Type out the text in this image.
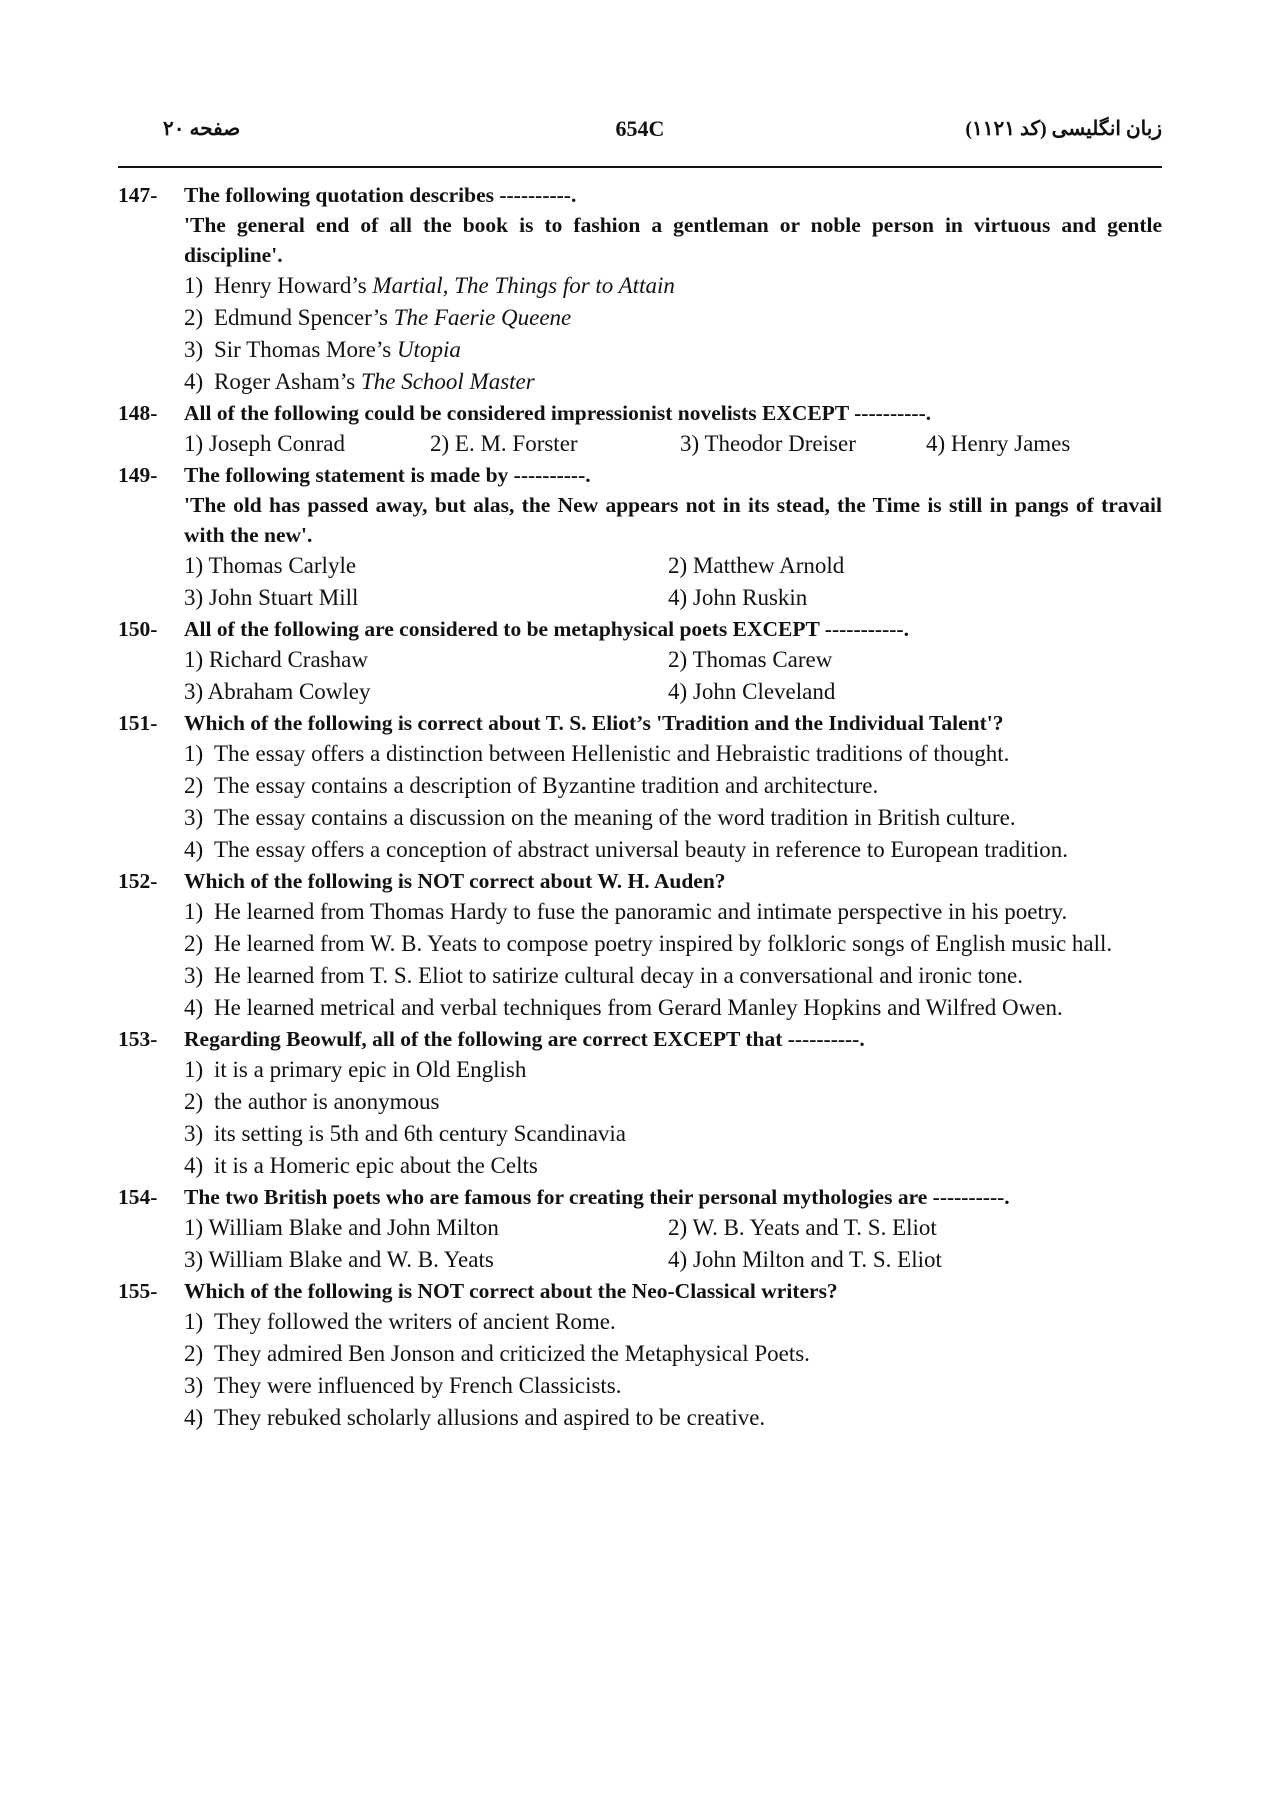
صفحه ۲۰	654C	زبان انگلیسی (کد ۱۱۲۱)
147-	The following quotation describes ----------.
'The general end of all the book is to fashion a gentleman or noble person in virtuous and gentle discipline'.
1) Henry Howard’s Martial, The Things for to Attain
2) Edmund Spencer’s The Faerie Queene
3) Sir Thomas More’s Utopia
4) Roger Asham’s The School Master
148-	All of the following could be considered impressionist novelists EXCEPT ----------.
1) Joseph Conrad	2) E. M. Forster	3) Theodor Dreiser	4) Henry James
149-	The following statement is made by ----------.
'The old has passed away, but alas, the New appears not in its stead, the Time is still in pangs of travail with the new'.
1) Thomas Carlyle	2) Matthew Arnold
3) John Stuart Mill	4) John Ruskin
150-	All of the following are considered to be metaphysical poets EXCEPT -----------.
1) Richard Crashaw	2) Thomas Carew
3) Abraham Cowley	4) John Cleveland
151-	Which of the following is correct about T. S. Eliot’s 'Tradition and the Individual Talent'?
1) The essay offers a distinction between Hellenistic and Hebraistic traditions of thought.
2) The essay contains a description of Byzantine tradition and architecture.
3) The essay contains a discussion on the meaning of the word tradition in British culture.
4) The essay offers a conception of abstract universal beauty in reference to European tradition.
152-	Which of the following is NOT correct about W. H. Auden?
1) He learned from Thomas Hardy to fuse the panoramic and intimate perspective in his poetry.
2) He learned from W. B. Yeats to compose poetry inspired by folkloric songs of English music hall.
3) He learned from T. S. Eliot to satirize cultural decay in a conversational and ironic tone.
4) He learned metrical and verbal techniques from Gerard Manley Hopkins and Wilfred Owen.
153-	Regarding Beowulf, all of the following are correct EXCEPT that ----------.
1) it is a primary epic in Old English
2) the author is anonymous
3) its setting is 5th and 6th century Scandinavia
4) it is a Homeric epic about the Celts
154-	The two British poets who are famous for creating their personal mythologies are ----------.
1) William Blake and John Milton	2) W. B. Yeats and T. S. Eliot
3) William Blake and W. B. Yeats	4) John Milton and T. S. Eliot
155-	Which of the following is NOT correct about the Neo-Classical writers?
1) They followed the writers of ancient Rome.
2) They admired Ben Jonson and criticized the Metaphysical Poets.
3) They were influenced by French Classicists.
4) They rebuked scholarly allusions and aspired to be creative.
